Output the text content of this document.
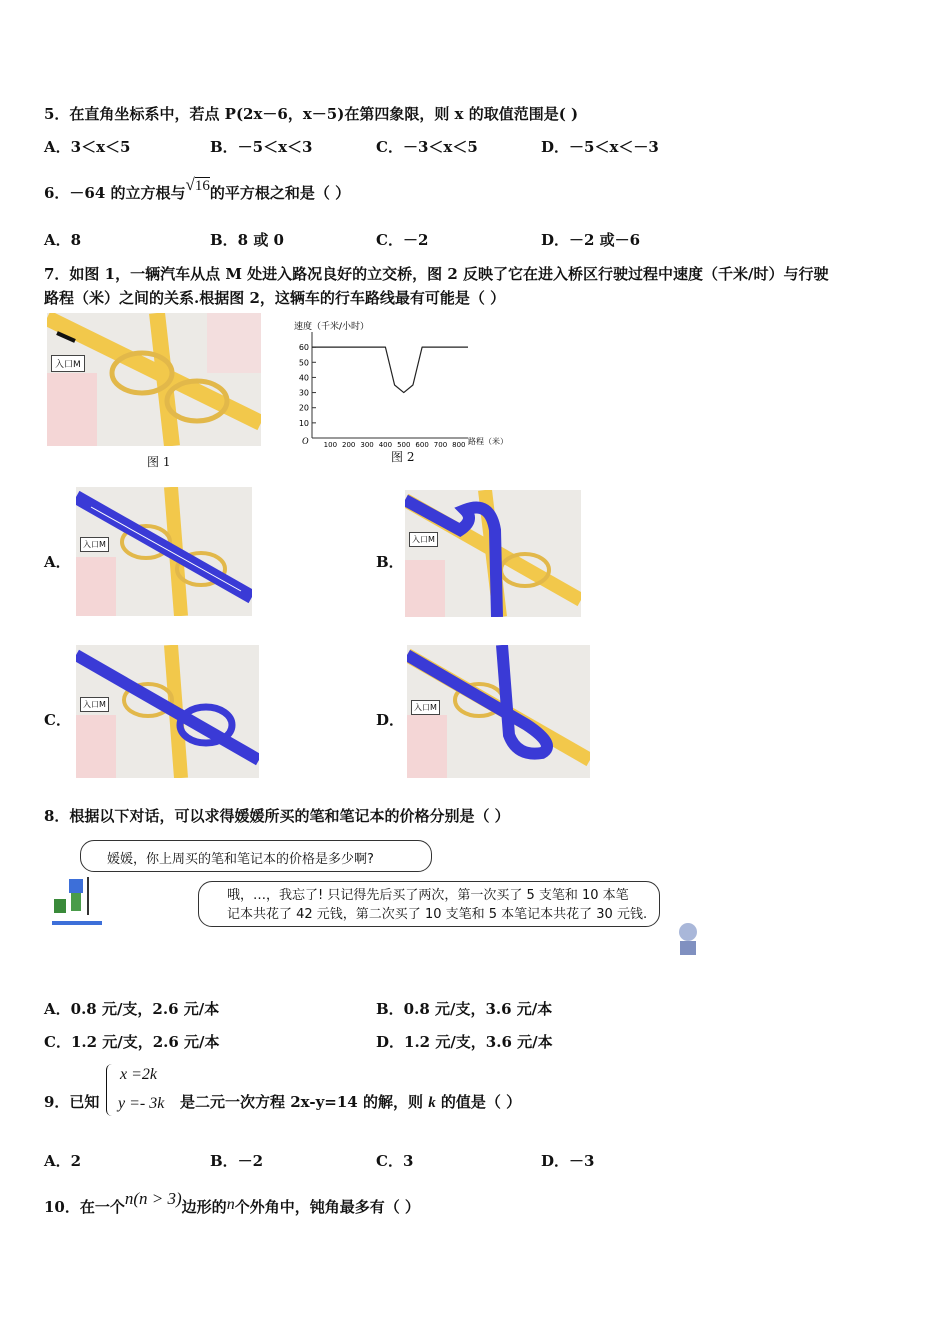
5．在直角坐标系中，若点 P(2x－6，x－5)在第四象限，则 x 的取值范围是( )
A．3＜x＜5	B．－5＜x＜3	C．－3＜x＜5	D．－5＜x＜－3
6．－64 的立方根与√16的平方根之和是（ ）
A．8	B．8 或 0	C．－2	D．－2 或－6
7．如图 1，一辆汽车从点 M 处进入路况良好的立交桥，图 2 反映了它在进入桥区行驶过程中速度（千米/时）与行驶
路程（米）之间的关系.根据图 2，这辆车的行车路线最有可能是（ ）
入口M
图 1
速度（千米/小时）
O	路程（米）
10
20
30
40
50
60
100 200 300 400 500 600 700 800
图 2
A．
入口M
B．
入口M
C．
入口M
D．
入口M
8．根据以下对话，可以求得媛媛所买的笔和笔记本的价格分别是（ ）
媛媛，你上周买的笔和笔记本的价格是多少啊?
哦，…，我忘了! 只记得先后买了两次，第一次买了 5 支笔和 10 本笔
记本共花了 42 元钱，第二次买了 10 支笔和 5 本笔记本共花了 30 元钱.
A．0.8 元/支，2.6 元/本	B．0.8 元/支，3.6 元/本
C．1.2 元/支，2.6 元/本	D．1.2 元/支，3.6 元/本
9．已知
x =2k
y =- 3k 是二元一次方程 2x-y=14 的解，则 k 的值是（ ）
A．2	B．－2	C．3	D．－3
10．在一个n(n > 3)边形的n个外角中，钝角最多有（ ）
